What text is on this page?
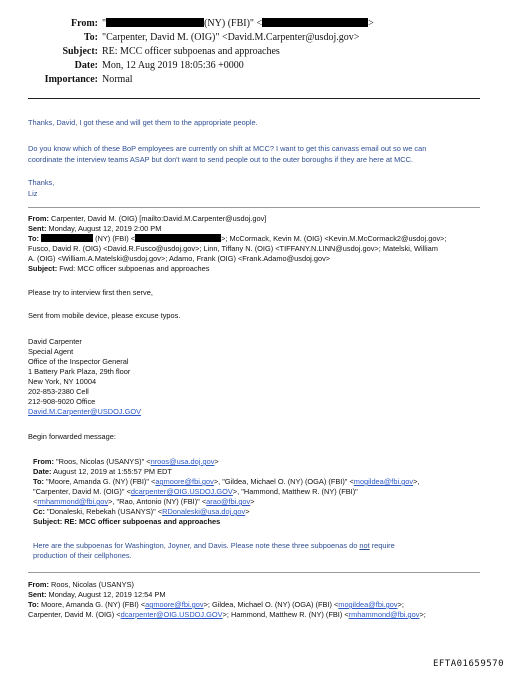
From: "	(NY) (FBI)" <	>
To: "Carpenter, David M. (OIG)" <David.M.Carpenter@usdoj.gov>
Subject: RE: MCC officer subpoenas and approaches
Date: Mon, 12 Aug 2019 18:05:36 +0000
Importance: Normal
Thanks, David, I got these and will get them to the appropriate people.
Do you know which of these BoP employees are currently on shift at MCC? I want to get this canvass email out so we can
coordinate the interview teams ASAP but don't want to send people out to the outer boroughs if they are here at MCC.
Thanks,
Liz
From: Carpenter, David M. (OIG) [mailto:David.M.Carpenter@usdoj.gov]
Sent: Monday, August 12, 2019 2:00 PM
To:	(NY) (FBI) <	>; McCormack, Kevin M. (OIG) <Kevin.M.McCormack2@usdoj.gov>;
Fusco, David R. (OIG) <David.R.Fusco@usdoj.gov>; Linn, Tiffany N. (OIG) <TIFFANY.N.LINN@usdoj.gov>; Matelski, William
A. (OIG) <William.A.Matelski@usdoj.gov>; Adamo, Frank (OIG) <Frank.Adamo@usdoj.gov>
Subject: Fwd: MCC officer subpoenas and approaches
Please try to interview first then serve,
Sent from mobile device, please excuse typos.
David Carpenter
Special Agent
Office of the Inspector General
1 Battery Park Plaza, 29th floor
New York, NY 10004
202-853-2380 Cell
212-908-9020 Office
David.M.Carpenter@USDOJ.GOV
Begin forwarded message:
From: "Roos, Nicolas (USANYS)" <nroos@usa.doj.gov>
Date: August 12, 2019 at 1:55:57 PM EDT
To: "Moore, Amanda G. (NY) (FBI)" <agmoore@fbi.gov>, "Gildea, Michael O. (NY) (OGA) (FBI)" <mogildea@fbi.gov>,
"Carpenter, David M. (OIG)" <dcarpenter@OIG.USDOJ.GOV>, "Hammond, Matthew R. (NY) (FBI)"
<rmhammond@fbi.gov>, "Rao, Antonio (NY) (FBI)" <arao@fbi.gov>
Cc: "Donaleski, Rebekah (USANYS)" <RDonaleski@usa.doj.gov>
Subject: RE: MCC officer subpoenas and approaches
Here are the subpoenas for Washington, Joyner, and Davis. Please note these three subpoenas do not require
production of their cellphones.
From: Roos, Nicolas (USANYS)
Sent: Monday, August 12, 2019 12:54 PM
To: Moore, Amanda G. (NY) (FBI) <agmoore@fbi.gov>; Gildea, Michael O. (NY) (OGA) (FBI) <mogildea@fbi.gov>;
Carpenter, David M. (OIG) <dcarpenter@OIG.USDOJ.GOV>; Hammond, Matthew R. (NY) (FBI) <rmhammond@fbi.gov>;
EFTA01659570
